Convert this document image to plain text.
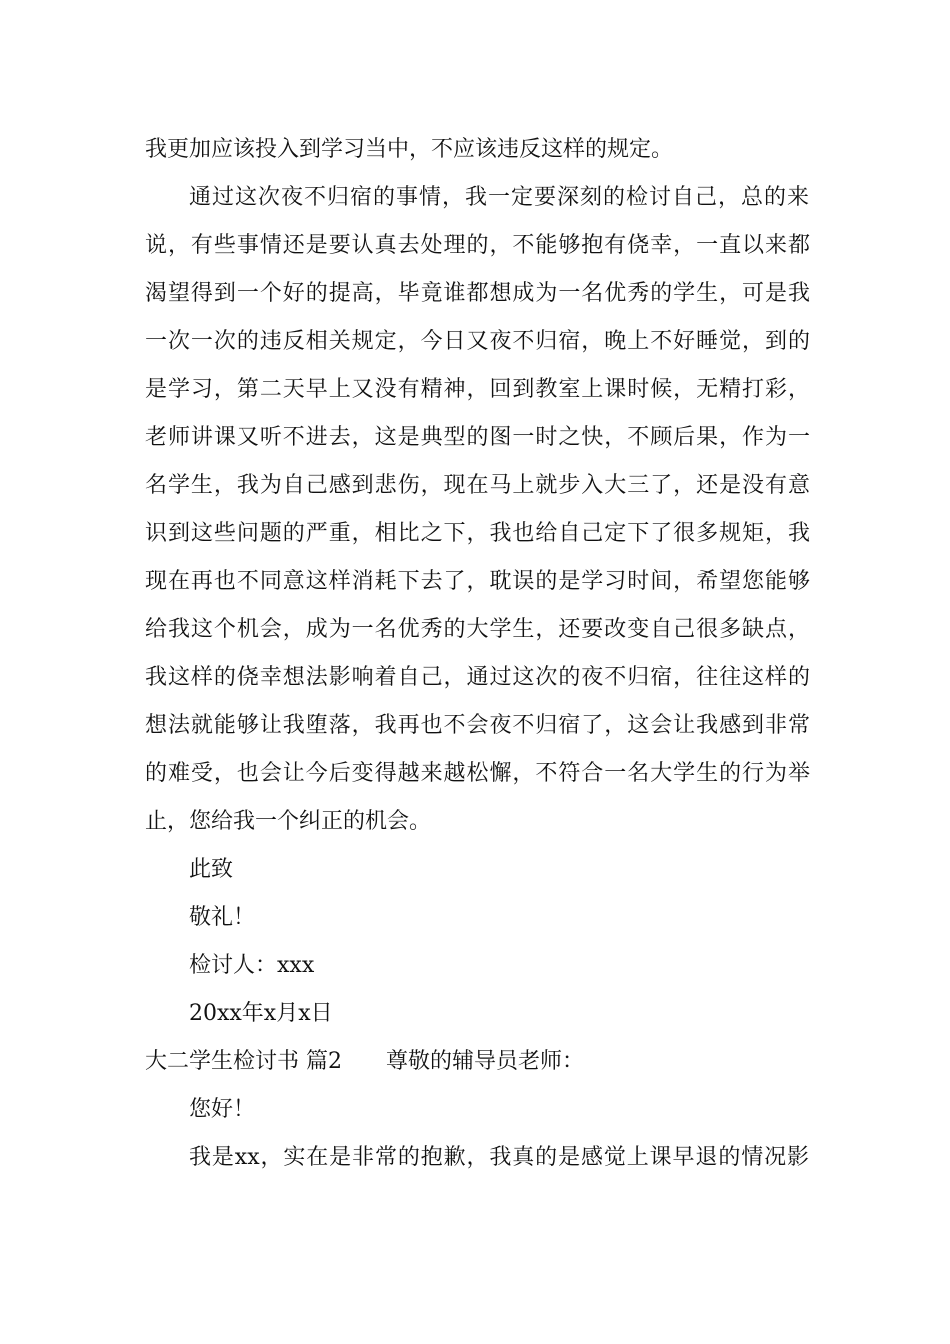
我更加应该投入到学习当中，不应该违反这样的规定。
通过这次夜不归宿的事情，我一定要深刻的检讨自己，总的来
说，有些事情还是要认真去处理的，不能够抱有侥幸，一直以来都
渴望得到一个好的提高，毕竟谁都想成为一名优秀的学生，可是我
一次一次的违反相关规定，今日又夜不归宿，晚上不好睡觉，到的
是学习，第二天早上又没有精神，回到教室上课时候，无精打彩，
老师讲课又听不进去，这是典型的图一时之快，不顾后果，作为一
名学生，我为自己感到悲伤，现在马上就步入大三了，还是没有意
识到这些问题的严重，相比之下，我也给自己定下了很多规矩，我
现在再也不同意这样消耗下去了，耽误的是学习时间，希望您能够
给我这个机会，成为一名优秀的大学生，还要改变自己很多缺点，
我这样的侥幸想法影响着自己，通过这次的夜不归宿，往往这样的
想法就能够让我堕落，我再也不会夜不归宿了，这会让我感到非常
的难受，也会让今后变得越来越松懈，不符合一名大学生的行为举
止，您给我一个纠正的机会。
此致
敬礼！
检讨人：xxx
20xx年x月x日
大二学生检讨书 篇2 尊敬的辅导员老师：
您好！
我是xx，实在是非常的抱歉，我真的是感觉上课早退的情况影
